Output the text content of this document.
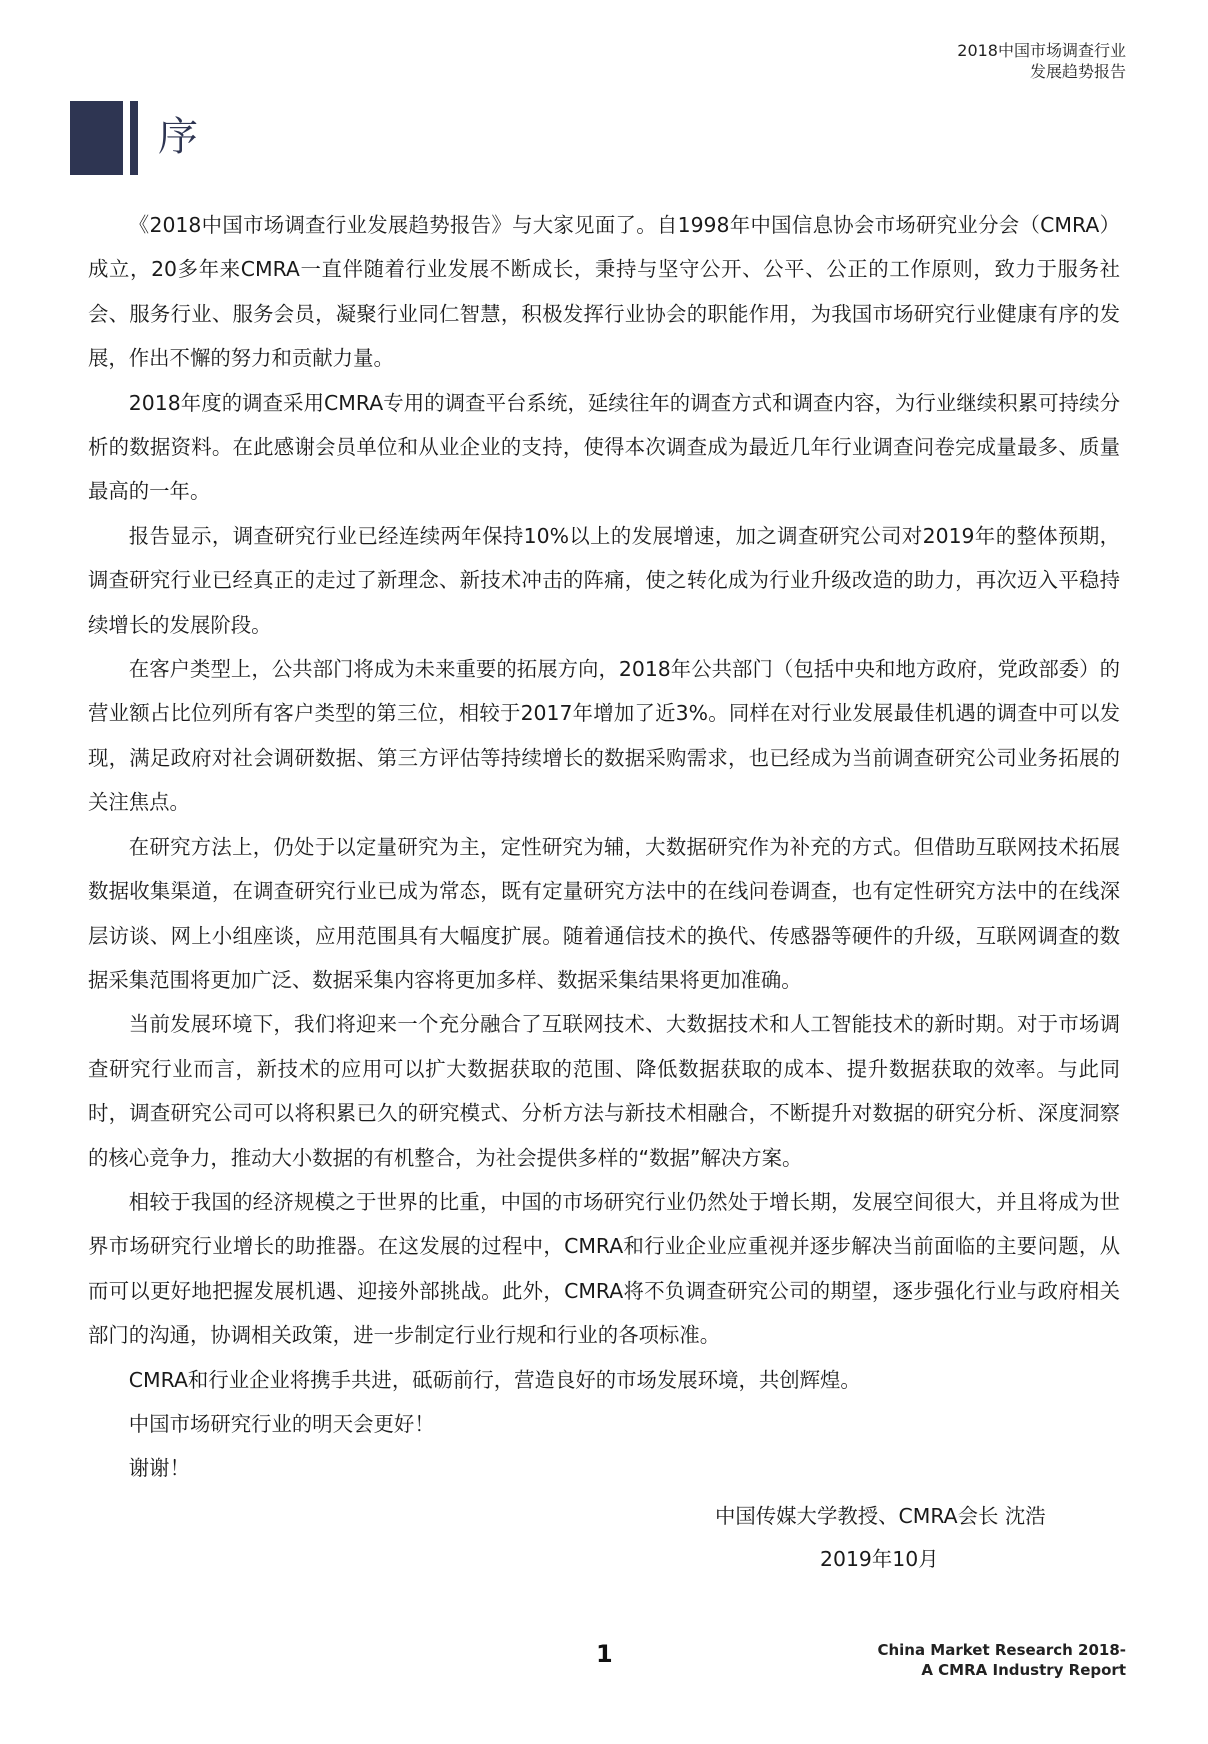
2018中国市场调查行业
发展趋势报告
序

《2018中国市场调查行业发展趋势报告》与大家见面了。自1998年中国信息协会市场研究业分会（CMRA）成立，20多年来CMRA一直伴随着行业发展不断成长，秉持与坚守公开、公平、公正的工作原则，致力于服务社会、服务行业、服务会员，凝聚行业同仁智慧，积极发挥行业协会的职能作用，为我国市场研究行业健康有序的发展，作出不懈的努力和贡献力量。

2018年度的调查采用CMRA专用的调查平台系统，延续往年的调查方式和调查内容，为行业继续积累可持续分析的数据资料。在此感谢会员单位和从业企业的支持，使得本次调查成为最近几年行业调查问卷完成量最多、质量最高的一年。

报告显示，调查研究行业已经连续两年保持10%以上的发展增速，加之调查研究公司对2019年的整体预期，调查研究行业已经真正的走过了新理念、新技术冲击的阵痛，使之转化成为行业升级改造的助力，再次迈入平稳持续增长的发展阶段。

在客户类型上，公共部门将成为未来重要的拓展方向，2018年公共部门（包括中央和地方政府，党政部委）的营业额占比位列所有客户类型的第三位，相较于2017年增加了近3%。同样在对行业发展最佳机遇的调查中可以发现，满足政府对社会调研数据、第三方评估等持续增长的数据采购需求，也已经成为当前调查研究公司业务拓展的关注焦点。

在研究方法上，仍处于以定量研究为主，定性研究为辅，大数据研究作为补充的方式。但借助互联网技术拓展数据收集渠道，在调查研究行业已成为常态，既有定量研究方法中的在线问卷调查，也有定性研究方法中的在线深层访谈、网上小组座谈，应用范围具有大幅度扩展。随着通信技术的换代、传感器等硬件的升级，互联网调查的数据采集范围将更加广泛、数据采集内容将更加多样、数据采集结果将更加准确。

当前发展环境下，我们将迎来一个充分融合了互联网技术、大数据技术和人工智能技术的新时期。对于市场调查研究行业而言，新技术的应用可以扩大数据获取的范围、降低数据获取的成本、提升数据获取的效率。与此同时，调查研究公司可以将积累已久的研究模式、分析方法与新技术相融合，不断提升对数据的研究分析、深度洞察的核心竞争力，推动大小数据的有机整合，为社会提供多样的“数据”解决方案。

相较于我国的经济规模之于世界的比重，中国的市场研究行业仍然处于增长期，发展空间很大，并且将成为世界市场研究行业增长的助推器。在这发展的过程中，CMRA和行业企业应重视并逐步解决当前面临的主要问题，从而可以更好地把握发展机遇、迎接外部挑战。此外，CMRA将不负调查研究公司的期望，逐步强化行业与政府相关部门的沟通，协调相关政策，进一步制定行业行规和行业的各项标准。

CMRA和行业企业将携手共进，砥砺前行，营造良好的市场发展环境，共创辉煌。

中国市场研究行业的明天会更好！

谢谢！

中国传媒大学教授、CMRA会长 沈浩
2019年10月
1	China Market Research 2018-
A CMRA Industry Report
